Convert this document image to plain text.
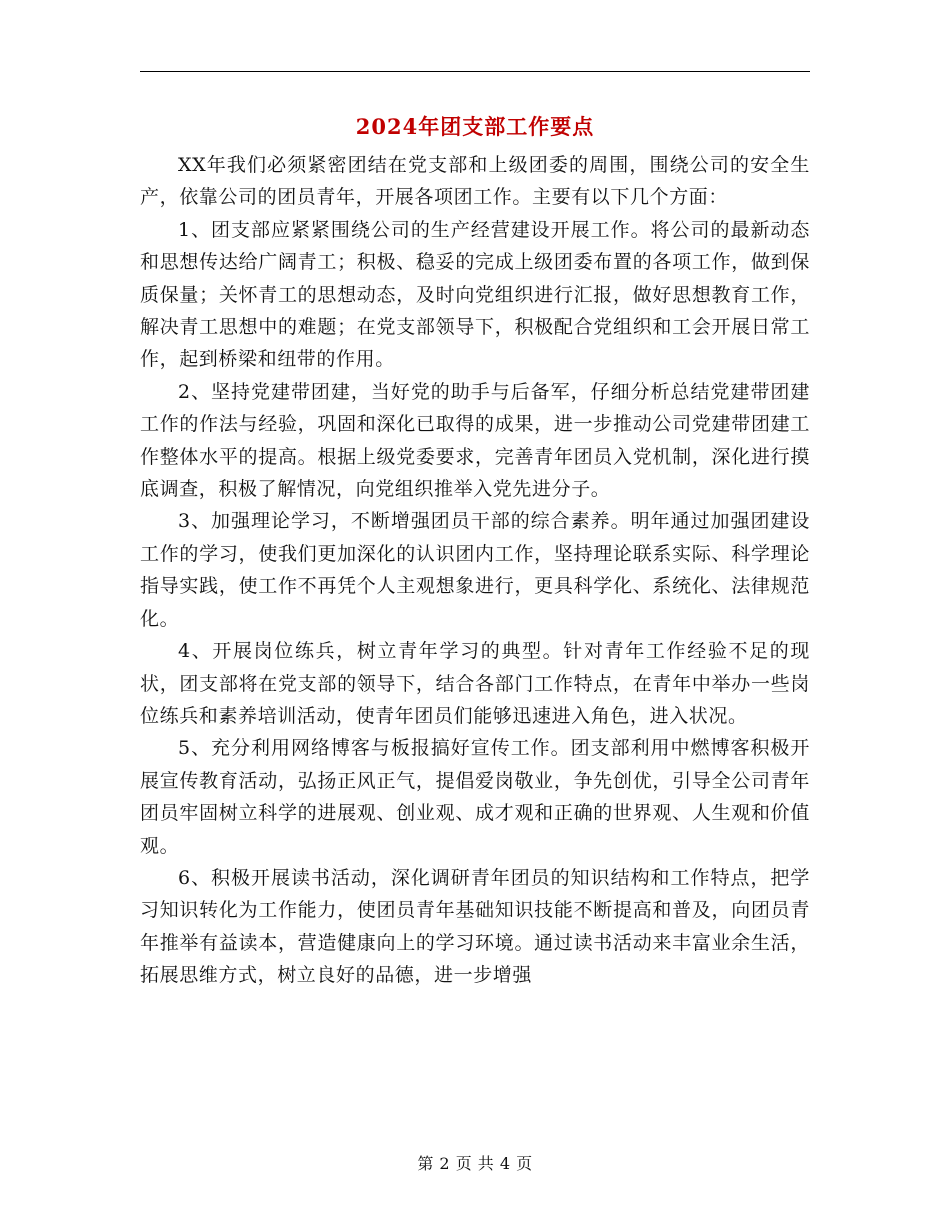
2024年团支部工作要点

XX年我们必须紧密团结在党支部和上级团委的周围，围绕公司的安全生产，依靠公司的团员青年，开展各项团工作。主要有以下几个方面：

1、团支部应紧紧围绕公司的生产经营建设开展工作。将公司的最新动态和思想传达给广阔青工；积极、稳妥的完成上级团委布置的各项工作，做到保质保量；关怀青工的思想动态，及时向党组织进行汇报，做好思想教育工作，解决青工思想中的难题；在党支部领导下，积极配合党组织和工会开展日常工作，起到桥梁和纽带的作用。

2、坚持党建带团建，当好党的助手与后备军，仔细分析总结党建带团建工作的作法与经验，巩固和深化已取得的成果，进一步推动公司党建带团建工作整体水平的提高。根据上级党委要求，完善青年团员入党机制，深化进行摸底调查，积极了解情况，向党组织推举入党先进分子。

3、加强理论学习，不断增强团员干部的综合素养。明年通过加强团建设工作的学习，使我们更加深化的认识团内工作，坚持理论联系实际、科学理论指导实践，使工作不再凭个人主观想象进行，更具科学化、系统化、法律规范化。

4、开展岗位练兵，树立青年学习的典型。针对青年工作经验不足的现状，团支部将在党支部的领导下，结合各部门工作特点，在青年中举办一些岗位练兵和素养培训活动，使青年团员们能够迅速进入角色，进入状况。

5、充分利用网络博客与板报搞好宣传工作。团支部利用中燃博客积极开展宣传教育活动，弘扬正风正气，提倡爱岗敬业，争先创优，引导全公司青年团员牢固树立科学的进展观、创业观、成才观和正确的世界观、人生观和价值观。

6、积极开展读书活动，深化调研青年团员的知识结构和工作特点，把学习知识转化为工作能力，使团员青年基础知识技能不断提高和普及，向团员青年推举有益读本，营造健康向上的学习环境。通过读书活动来丰富业余生活，拓展思维方式，树立良好的品德，进一步增强

第 2 页 共 4 页
